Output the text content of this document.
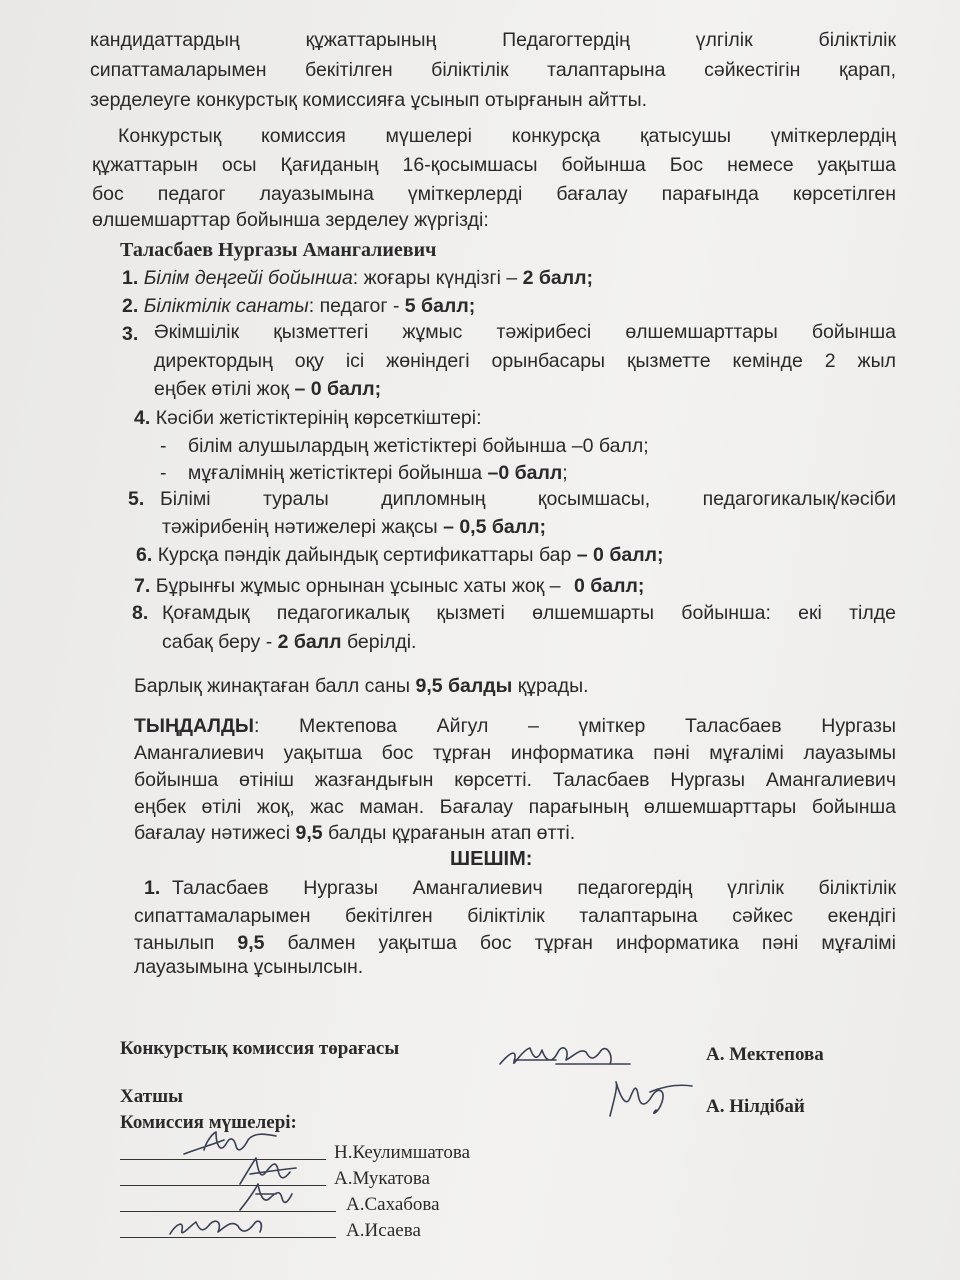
кандидаттардың құжаттарының Педагогтердің үлгілік біліктілік
сипаттамаларымен бекітілген біліктілік талаптарына сәйкестігін қарап,
зерделеуге конкурстық комиссияға ұсынып отырғанын айтты.
Конкурстық комиссия мүшелері конкурсқа қатысушы үміткерлердің
құжаттарын осы Қағиданың 16-қосымшасы бойынша Бос немесе уақытша
бос педагог лауазымына үміткерлерді бағалау парағында көрсетілген
өлшемшарттар бойынша зерделеу жүргізді:
Таласбаев Нургазы Амангалиевич
1. Білім деңгейі бойынша: жоғары күндізгі – 2 балл;
2. Біліктілік санаты: педагог - 5 балл;
3. Әкімшілік қызметтегі жұмыс тәжірибесі өлшемшарттары бойынша
директордың оқу ісі жөніндегі орынбасары қызметте кемінде 2 жыл
еңбек өтілі жоқ – 0 балл;
4. Кәсіби жетістіктерінің көрсеткіштері:
- білім алушылардың жетістіктері бойынша –0 балл;
- мұғалімнің жетістіктері бойынша –0 балл;
5. Білімі туралы дипломның қосымшасы, педагогикалық/кәсіби
тәжірибенің нәтижелері жақсы – 0,5 балл;
6. Курсқа пәндік дайындық сертификаттары бар – 0 балл;
7. Бұрынғы жұмыс орнынан ұсыныс хаты жоқ – 0 балл;
8. Қоғамдық педагогикалық қызметі өлшемшарты бойынша: екі тілде
сабақ беру - 2 балл берілді.
Барлық жинақтаған балл саны 9,5 балды құрады.
ТЫҢДАЛДЫ: Мектепова Айгул – үміткер Таласбаев Нургазы
Амангалиевич уақытша бос тұрған информатика пәні мұғалімі лауазымы
бойынша өтініш жазғандығын көрсетті. Таласбаев Нургазы Амангалиевич
еңбек өтілі жоқ, жас маман. Бағалау парағының өлшемшарттары бойынша
бағалау нәтижесі 9,5 балды құрағанын атап өтті.
ШЕШІМ:
1. Таласбаев Нургазы Амангалиевич педагогердің үлгілік біліктілік
сипаттамаларымен бекітілген біліктілік талаптарына сәйкес екендігі
танылып 9,5 балмен уақытша бос тұрған информатика пәні мұғалімі
лауазымына ұсынылсын.
Конкурстық комиссия төрағасы	А. Мектепова
Хатшы	А. Нілдібай
Комиссия мүшелері:
Н.Кеулимшатова
А.Мукатова
А.Сахабова
А.Исаева
